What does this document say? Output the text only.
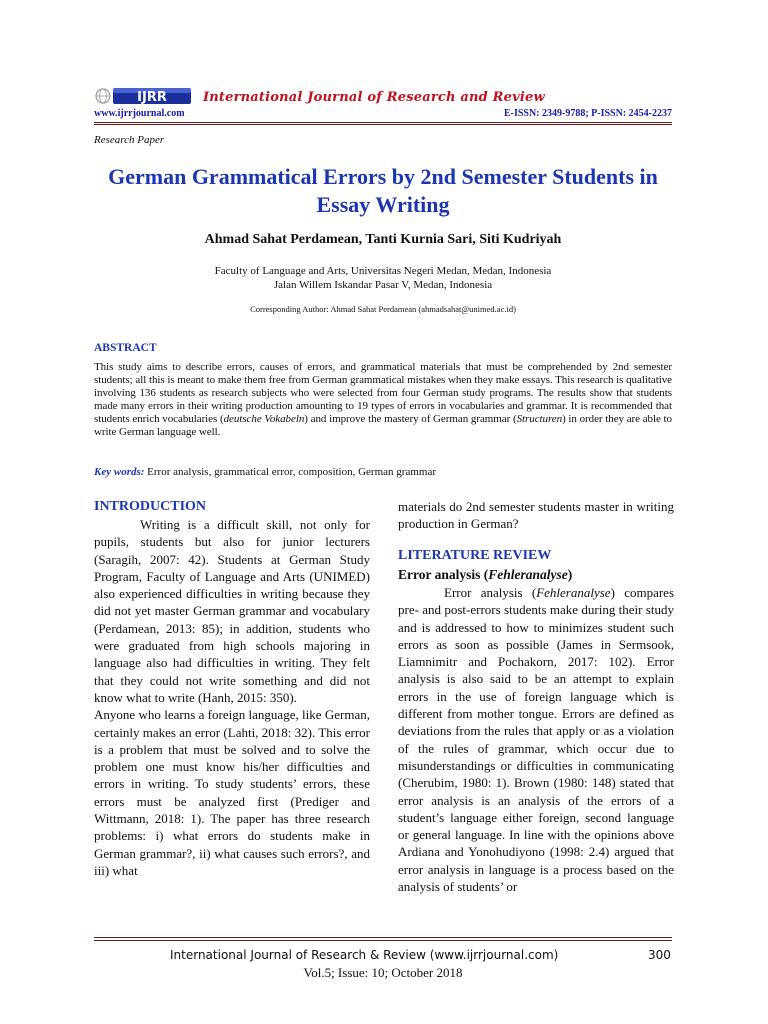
IJRR	International Journal of Research and Review
www.ijrrjournal.com	E-ISSN: 2349-9788; P-ISSN: 2454-2237
Research Paper
German Grammatical Errors by 2nd Semester Students in Essay Writing
Ahmad Sahat Perdamean, Tanti Kurnia Sari, Siti Kudriyah
Faculty of Language and Arts, Universitas Negeri Medan, Medan, Indonesia
Jalan Willem Iskandar Pasar V, Medan, Indonesia
Corresponding Author: Ahmad Sahat Perdamean (ahmadsahat@unimed.ac.id)
ABSTRACT
This study aims to describe errors, causes of errors, and grammatical materials that must be comprehended by 2nd semester students; all this is meant to make them free from German grammatical mistakes when they make essays. This research is qualitative involving 136 students as research subjects who were selected from four German study programs. The results show that students made many errors in their writing production amounting to 19 types of errors in vocabularies and grammar. It is recommended that students enrich vocabularies (deutsche Vokabeln) and improve the mastery of German grammar (Structuren) in order they are able to write German language well.
Key words: Error analysis, grammatical error, composition, German grammar
INTRODUCTION

Writing is a difficult skill, not only for pupils, students but also for junior lecturers (Saragih, 2007: 42). Students at German Study Program, Faculty of Language and Arts (UNIMED) also experienced difficulties in writing because they did not yet master German grammar and vocabulary (Perdamean, 2013: 85); in addition, students who were graduated from high schools majoring in language also had difficulties in writing. They felt that they could not write something and did not know what to write (Hanh, 2015: 350).

Anyone who learns a foreign language, like German, certainly makes an error (Lahti, 2018: 32). This error is a problem that must be solved and to solve the problem one must know his/her difficulties and errors in writing. To study students’ errors, these errors must be analyzed first (Prediger and Wittmann, 2018: 1). The paper has three research problems: i) what errors do students make in German grammar?, ii) what causes such errors?, and iii) what

materials do 2nd semester students master in writing production in German?

LITERATURE REVIEW
Error analysis (Fehleranalyse)

Error analysis (Fehleranalyse) compares pre- and post-errors students make during their study and is addressed to how to minimizes student such errors as soon as possible (James in Sermsook, Liamnimitr and Pochakorn, 2017: 102). Error analysis is also said to be an attempt to explain errors in the use of foreign language which is different from mother tongue. Errors are defined as deviations from the rules that apply or as a violation of the rules of grammar, which occur due to misunderstandings or difficulties in communicating (Cherubim, 1980: 1). Brown (1980: 148) stated that error analysis is an analysis of the errors of a student’s language either foreign, second language or general language. In line with the opinions above Ardiana and Yonohudiyono (1998: 2.4) argued that error analysis in language is a process based on the analysis of students’ or

International Journal of Research & Review (www.ijrrjournal.com)	300
Vol.5; Issue: 10; October 2018
